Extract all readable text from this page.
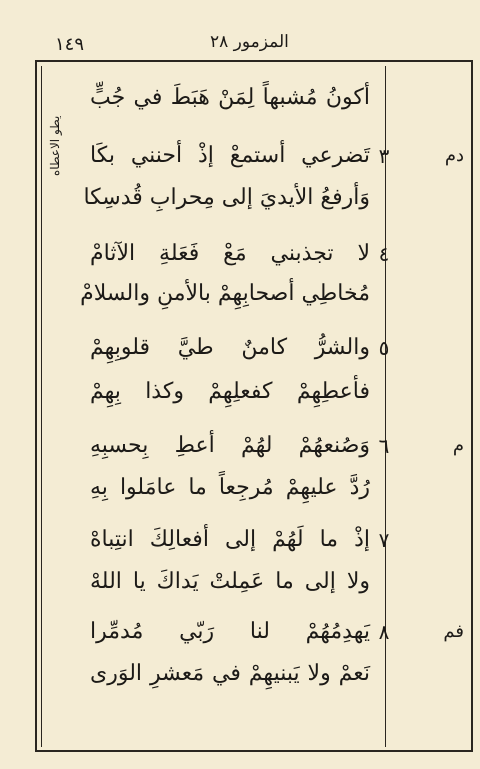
١٤٩	المزمور ٢٨
يطو الاعطاه
أكونُ مُشبهاً لِمَنْ هَبَطَ في جُبٍّ
دم
٣
تَضرعي أستمعْ إذْ أحنني بكَا
وَأرفعُ الأيديَ إلى مِحرابِ قُدسِكا
٤
لا تجذبني مَعْ فَعَلةِ الآثامْ
مُخاطِي أصحابِهِمْ بالأمنِ والسلامْ
٥
والشرُّ كامنٌ طيَّ قلوبِهِمْ
فأعطِهِمْ كفعلِهِمْ وكذا بِهِمْ
م
٦
وَصُنعهُمْ لهُمْ أعطِ بِحسبِهِ
رُدَّ عليهِمْ مُرجِعاً ما عامَلوا بِهِ
٧
إذْ ما لَهُمْ إلى أفعالِكَ انتِباهْ
ولا إلى ما عَمِلتْ يَداكَ يا اللهْ
فم
٨
يَهدِمُهُمْ لنا رَبّي مُدمِّرا
نَعمْ ولا يَبنيهِمْ في مَعشرِ الوَرى
